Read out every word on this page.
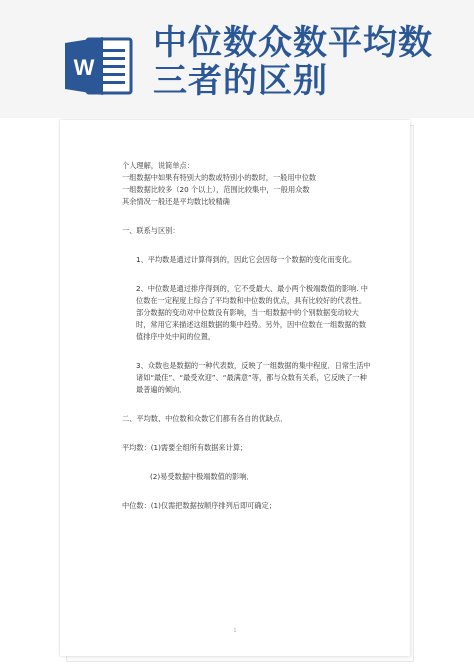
W
中位数众数平均数
三者的区别
个人理解，说简单点：
一组数据中如果有特别大的数或特别小的数时，一般用中位数
一组数据比较多（20 个以上），范围比较集中，一般用众数
其余情况一般还是平均数比较精确
一、联系与区别：
1、平均数是通过计算得到的，因此它会因每一个数据的变化而变化。
2、中位数是通过排序得到的，它不受最大、最小两个极端数值的影响. 中位数在一定程度上综合了平均数和中位数的优点，具有比较好的代表性。部分数据的变动对中位数没有影响，当一组数据中的个别数据变动较大时，常用它来描述这组数据的集中趋势。另外，因中位数在一组数据的数值排序中处中间的位置，
3、众数也是数据的一种代表数，反映了一组数据的集中程度．日常生活中诸如“最佳”、“最受欢迎”、“最满意”等，都与众数有关系，它反映了一种最普遍的倾向．
二、平均数、中位数和众数它们都有各自的优缺点．
平均数：(1)需要全组所有数据来计算；
(2)易受数据中极端数值的影响．
中位数：(1)仅需把数据按顺序排列后即可确定；
1
